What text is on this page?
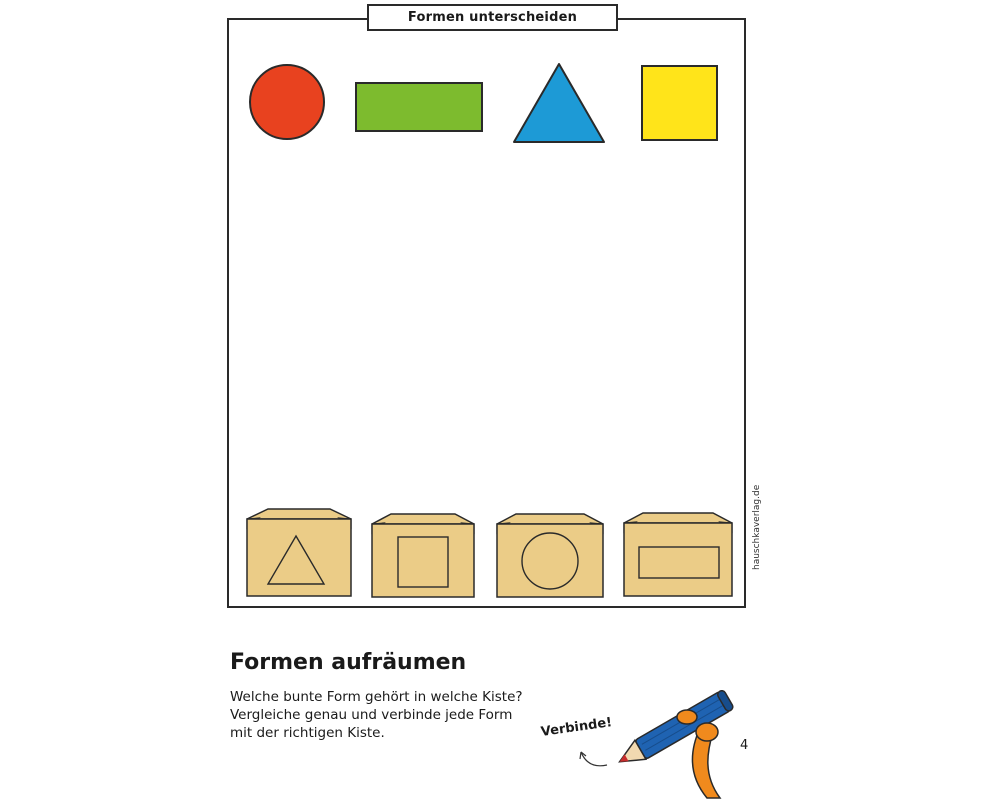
Formen unterscheiden
hauschkaverlag.de
Formen aufräumen
Welche bunte Form gehört in welche Kiste?
Vergleiche genau und verbinde jede Form
mit der richtigen Kiste.	Verbinde!
4
